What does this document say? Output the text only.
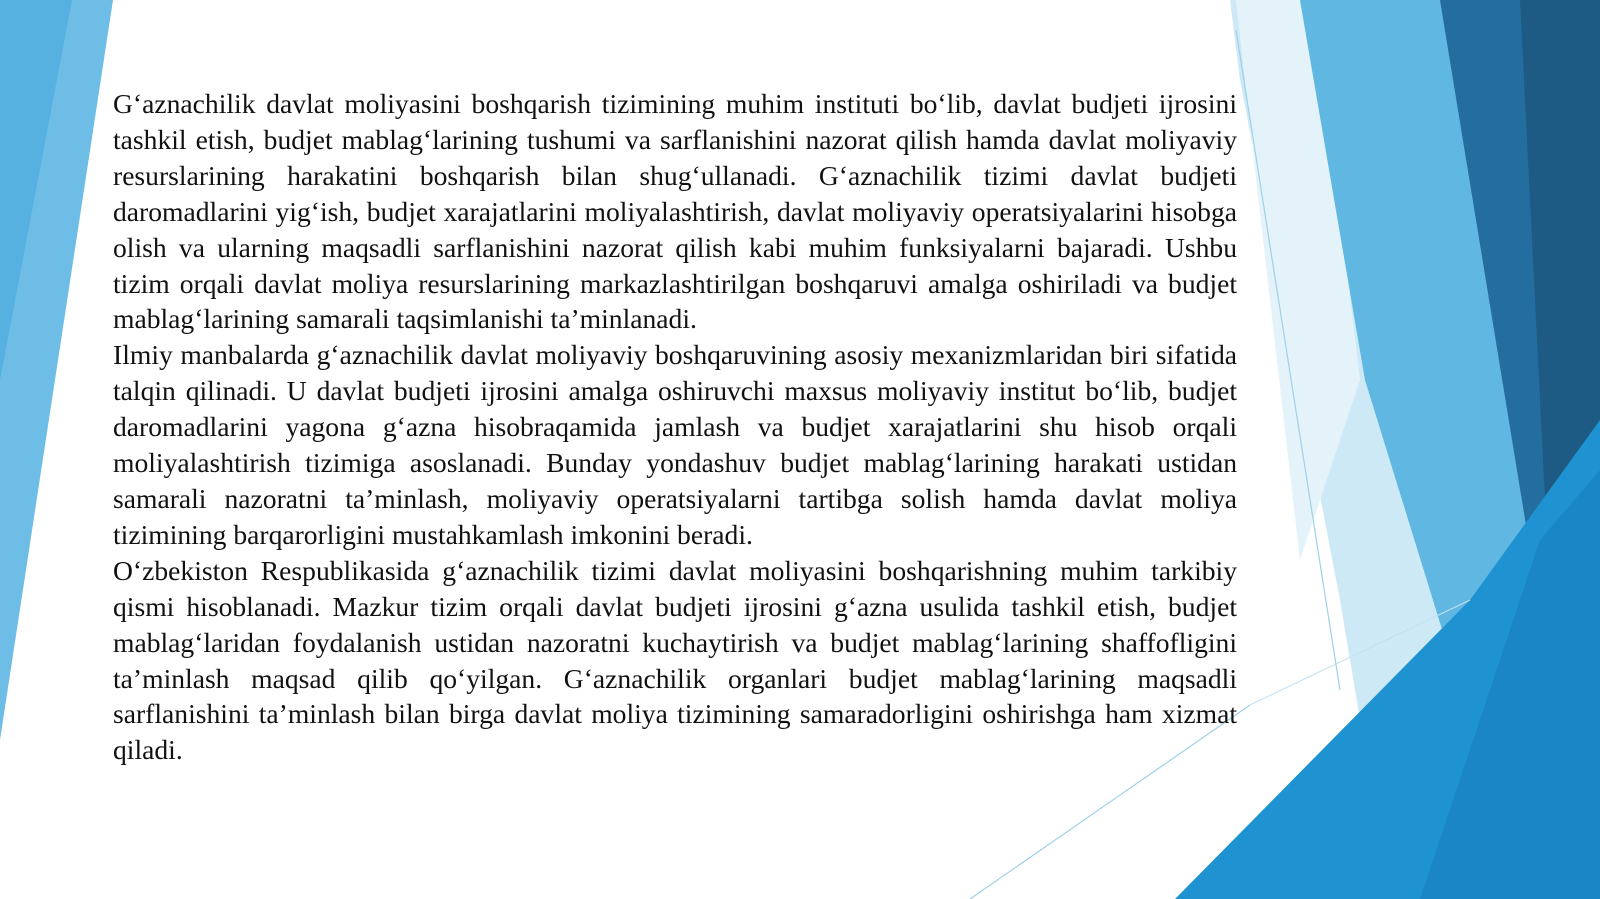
G‘aznachilik davlat moliyasini boshqarish tizimining muhim instituti bo‘lib, davlat budjeti ijrosini tashkil etish, budjet mablag‘larining tushumi va sarflanishini nazorat qilish hamda davlat moliyaviy resurslarining harakatini boshqarish bilan shug‘ullanadi. G‘aznachilik tizimi davlat budjeti daromadlarini yig‘ish, budjet xarajatlarini moliyalashtirish, davlat moliyaviy operatsiyalarini hisobga olish va ularning maqsadli sarflanishini nazorat qilish kabi muhim funksiyalarni bajaradi. Ushbu tizim orqali davlat moliya resurslarining markazlashtirilgan boshqaruvi amalga oshiriladi va budjet mablag‘larining samarali taqsimlanishi ta’minlanadi.

Ilmiy manbalarda g‘aznachilik davlat moliyaviy boshqaruvining asosiy mexanizmlaridan biri sifatida talqin qilinadi. U davlat budjeti ijrosini amalga oshiruvchi maxsus moliyaviy institut bo‘lib, budjet daromadlarini yagona g‘azna hisobraqamida jamlash va budjet xarajatlarini shu hisob orqali moliyalashtirish tizimiga asoslanadi. Bunday yondashuv budjet mablag‘larining harakati ustidan samarali nazoratni ta’minlash, moliyaviy operatsiyalarni tartibga solish hamda davlat moliya tizimining barqarorligini mustahkamlash imkonini beradi.

O‘zbekiston Respublikasida g‘aznachilik tizimi davlat moliyasini boshqarishning muhim tarkibiy qismi hisoblanadi. Mazkur tizim orqali davlat budjeti ijrosini g‘azna usulida tashkil etish, budjet mablag‘laridan foydalanish ustidan nazoratni kuchaytirish va budjet mablag‘larining shaffofligini ta’minlash maqsad qilib qo‘yilgan. G‘aznachilik organlari budjet mablag‘larining maqsadli sarflanishini ta’minlash bilan birga davlat moliya tizimining samaradorligini oshirishga ham xizmat qiladi.
